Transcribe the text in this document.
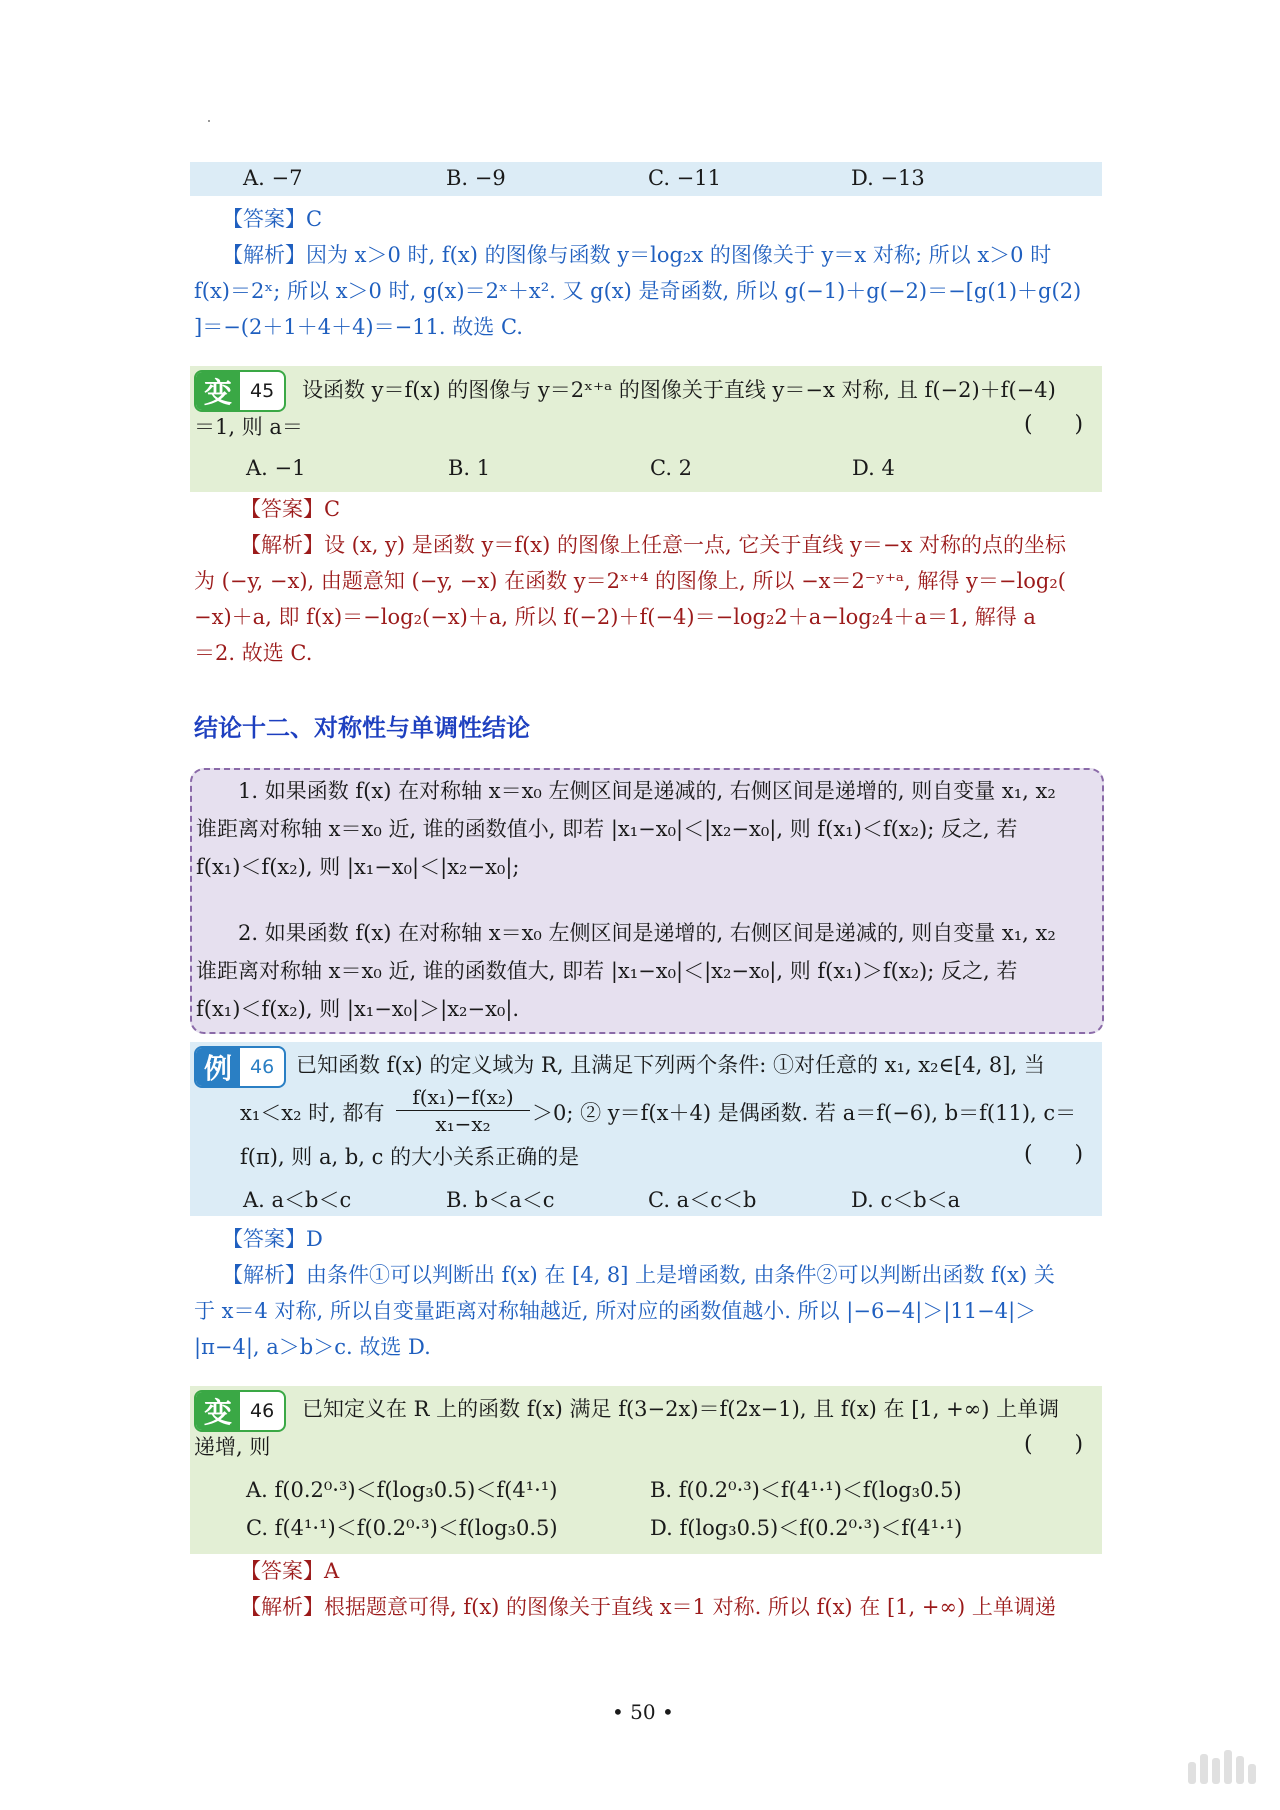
A. −7	B. −9	C. −11	D. −13
【答案】C
【解析】因为 x＞0 时, f(x) 的图像与函数 y＝log₂x 的图像关于 y＝x 对称; 所以 x＞0 时
f(x)＝2ˣ; 所以 x＞0 时, g(x)＝2ˣ＋x². 又 g(x) 是奇函数, 所以 g(−1)＋g(−2)＝−[g(1)＋g(2)
]＝−(2＋1＋4＋4)＝−11. 故选 C.
变 45	设函数 y＝f(x) 的图像与 y＝2ˣ⁺ᵃ 的图像关于直线 y＝−x 对称, 且 f(−2)＋f(−4)
＝1, 则 a＝	(      )
A. −1	B. 1	C. 2	D. 4
【答案】C
【解析】设 (x, y) 是函数 y＝f(x) 的图像上任意一点, 它关于直线 y＝−x 对称的点的坐标
为 (−y, −x), 由题意知 (−y, −x) 在函数 y＝2ˣ⁺⁴ 的图像上, 所以 −x＝2⁻ʸ⁺ᵃ, 解得 y＝−log₂(
−x)＋a, 即 f(x)＝−log₂(−x)＋a, 所以 f(−2)＋f(−4)＝−log₂2＋a−log₂4＋a＝1, 解得 a
＝2. 故选 C.
结论十二、对称性与单调性结论
1. 如果函数 f(x) 在对称轴 x＝x₀ 左侧区间是递减的, 右侧区间是递增的, 则自变量 x₁, x₂
谁距离对称轴 x＝x₀ 近, 谁的函数值小, 即若 |x₁−x₀|＜|x₂−x₀|, 则 f(x₁)＜f(x₂); 反之, 若
f(x₁)＜f(x₂), 则 |x₁−x₀|＜|x₂−x₀|;
2. 如果函数 f(x) 在对称轴 x＝x₀ 左侧区间是递增的, 右侧区间是递减的, 则自变量 x₁, x₂
谁距离对称轴 x＝x₀ 近, 谁的函数值大, 即若 |x₁−x₀|＜|x₂−x₀|, 则 f(x₁)＞f(x₂); 反之, 若
f(x₁)＜f(x₂), 则 |x₁−x₀|＞|x₂−x₀|.
例 46	已知函数 f(x) 的定义域为 R, 且满足下列两个条件: ①对任意的 x₁, x₂∈[4, 8], 当
x₁＜x₂ 时, 都有 $\frac{\text{f(x₁)−f(x₂)}}{\text{x₁−x₂}} >0$; ② y＝f(x＋4) 是偶函数. 若 a＝f(−6), b＝f(11), c＝
f(π), 则 a, b, c 的大小关系正确的是	(      )
A. a＜b＜c	B. b＜a＜c	C. a＜c＜b	D. c＜b＜a
【答案】D
【解析】由条件①可以判断出 f(x) 在 [4, 8] 上是增函数, 由条件②可以判断出函数 f(x) 关
于 x＝4 对称, 所以自变量距离对称轴越近, 所对应的函数值越小. 所以 |−6−4|＞|11−4|＞
|π−4|, a＞b＞c. 故选 D.
变 46	已知定义在 R 上的函数 f(x) 满足 f(3−2x)＝f(2x−1), 且 f(x) 在 [1, +∞) 上单调
递增, 则	(      )
A. f(0.2⁰·³)＜f(log₃0.5)＜f(4¹·¹)	B. f(0.2⁰·³)＜f(4¹·¹)＜f(log₃0.5)
C. f(4¹·¹)＜f(0.2⁰·³)＜f(log₃0.5)	D. f(log₃0.5)＜f(0.2⁰·³)＜f(4¹·¹)
【答案】A
【解析】根据题意可得, f(x) 的图像关于直线 x＝1 对称. 所以 f(x) 在 [1, +∞) 上单调递
• 50 •
